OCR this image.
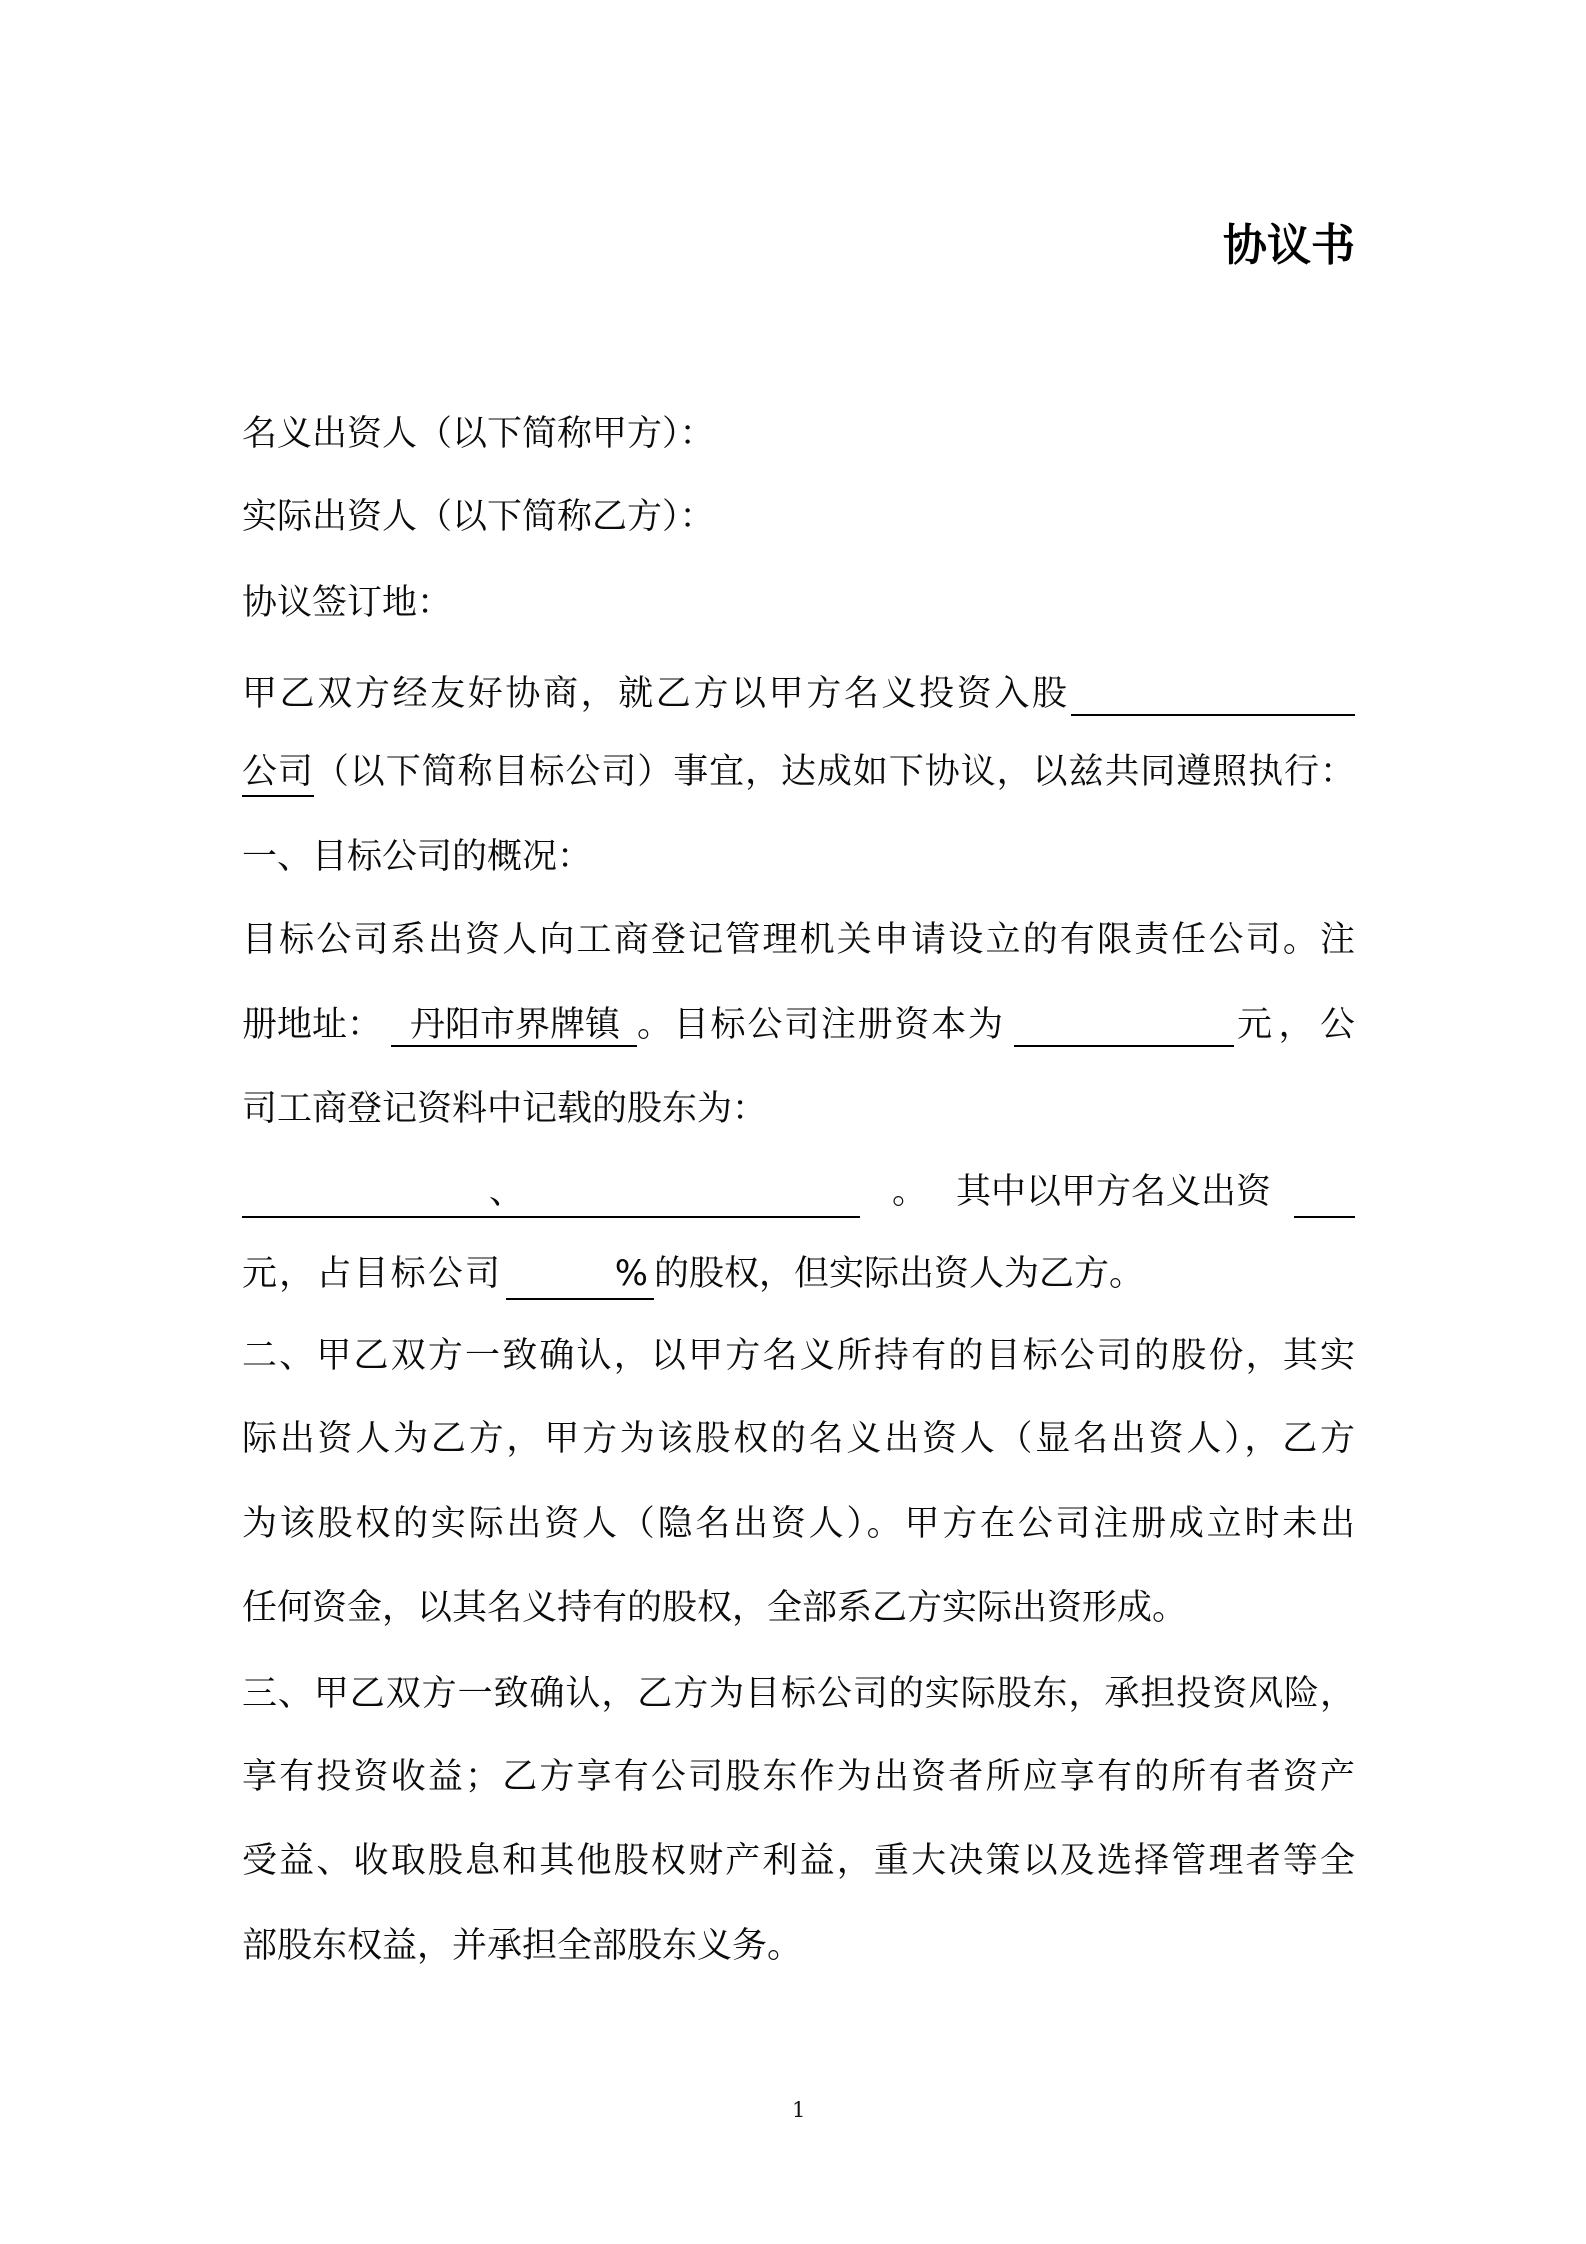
协议书
名义出资人（以下简称甲方）：
实际出资人（以下简称乙方）：
协议签订地：
甲乙双方经友好协商，就乙方以甲方名义投资入股
公司（以下简称目标公司）事宜，达成如下协议，以兹共同遵照执行：
一、目标公司的概况：
目标公司系出资人向工商登记管理机关申请设立的有限责任公司。注
册地址： 丹阳市界牌镇 。目标公司注册资本为	元，公
司工商登记资料中记载的股东为：
、	。 其中以甲方名义出资
元，占目标公司	% 的股权，但实际出资人为乙方。
二、甲乙双方一致确认，以甲方名义所持有的目标公司的股份，其实
际出资人为乙方，甲方为该股权的名义出资人（显名出资人），乙方
为该股权的实际出资人（隐名出资人）。甲方在公司注册成立时未出
任何资金，以其名义持有的股权，全部系乙方实际出资形成。
三、甲乙双方一致确认，乙方为目标公司的实际股东，承担投资风险，
享有投资收益；乙方享有公司股东作为出资者所应享有的所有者资产
受益、收取股息和其他股权财产利益，重大决策以及选择管理者等全
部股东权益，并承担全部股东义务。
1
